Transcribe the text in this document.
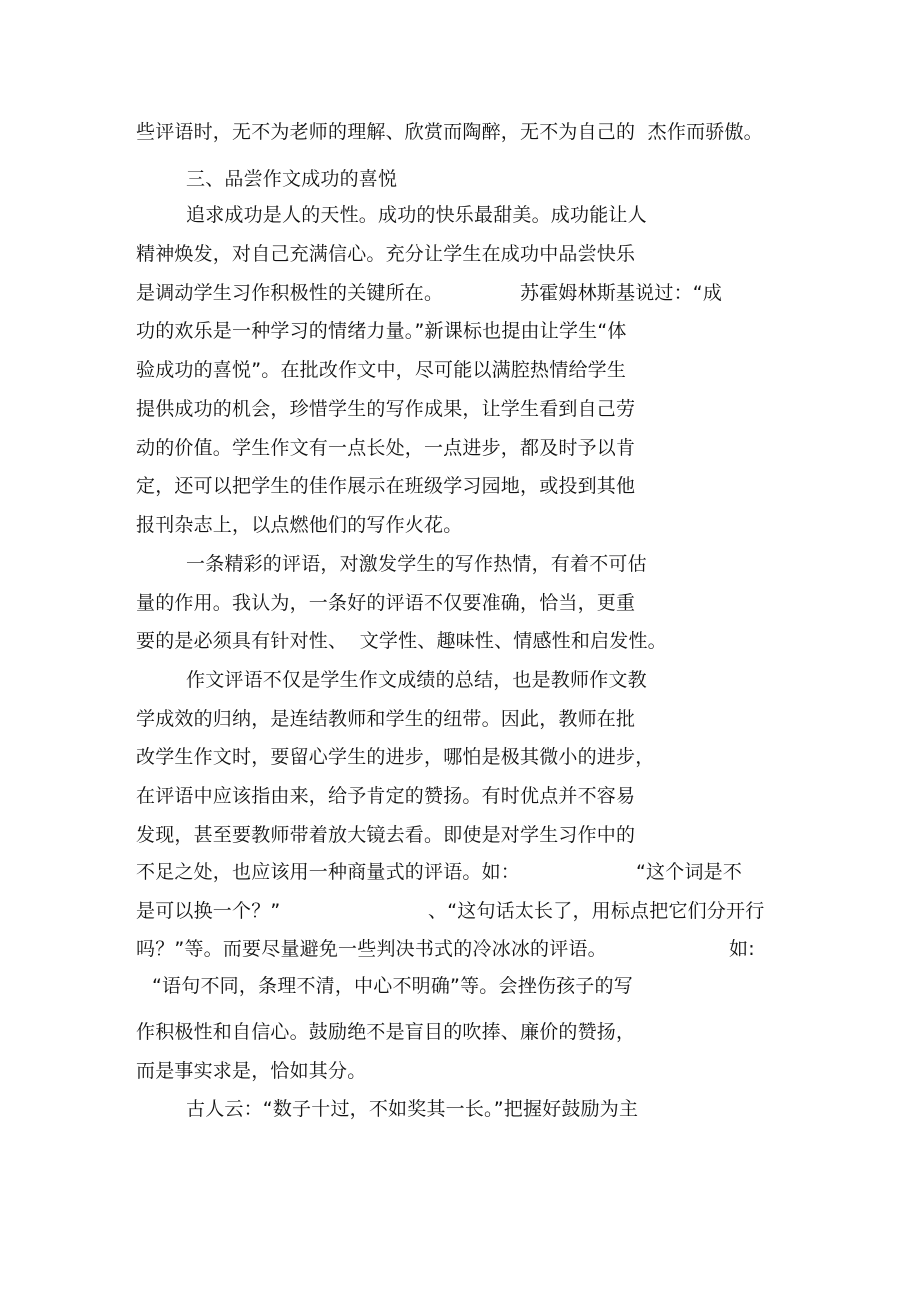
些评语时，无不为老师的理解、欣赏而陶醉，无不为自己的  杰作而骄傲。
三、品尝作文成功的喜悦
追求成功是人的天性。成功的快乐最甜美。成功能让人
精神焕发，对自己充满信心。充分让学生在成功中品尝快乐
是调动学生习作积极性的关键所在。	苏霍姆林斯基说过：“成
功的欢乐是一种学习的情绪力量。”新课标也提由让学生“体
验成功的喜悦”。在批改作文中，尽可能以满腔热情给学生
提供成功的机会，珍惜学生的写作成果，让学生看到自己劳
动的价值。学生作文有一点长处，一点进步，都及时予以肯
定，还可以把学生的佳作展示在班级学习园地，或投到其他
报刊杂志上，以点燃他们的写作火花。
一条精彩的评语，对激发学生的写作热情，有着不可估
量的作用。我认为，一条好的评语不仅要准确，恰当，更重
要的是必须具有针对性、  文学性、趣味性、情感性和启发性。
作文评语不仅是学生作文成绩的总结，也是教师作文教
学成效的归纳，是连结教师和学生的纽带。因此，教师在批
改学生作文时，要留心学生的进步，哪怕是极其微小的进步，
在评语中应该指由来，给予肯定的赞扬。有时优点并不容易
发现，甚至要教师带着放大镜去看。即使是对学生习作中的
不足之处，也应该用一种商量式的评语。如：	“这个词是不
是可以换一个？”	、“这句话太长了，用标点把它们分开行
吗？”等。而要尽量避免一些判决书式的冷冰冰的评语。	如:
“语句不同，条理不清，中心不明确”等。会挫伤孩子的写
作积极性和自信心。鼓励绝不是盲目的吹捧、廉价的赞扬，
而是事实求是，恰如其分。
古人云：“数子十过，不如奖其一长。”把握好鼓励为主
